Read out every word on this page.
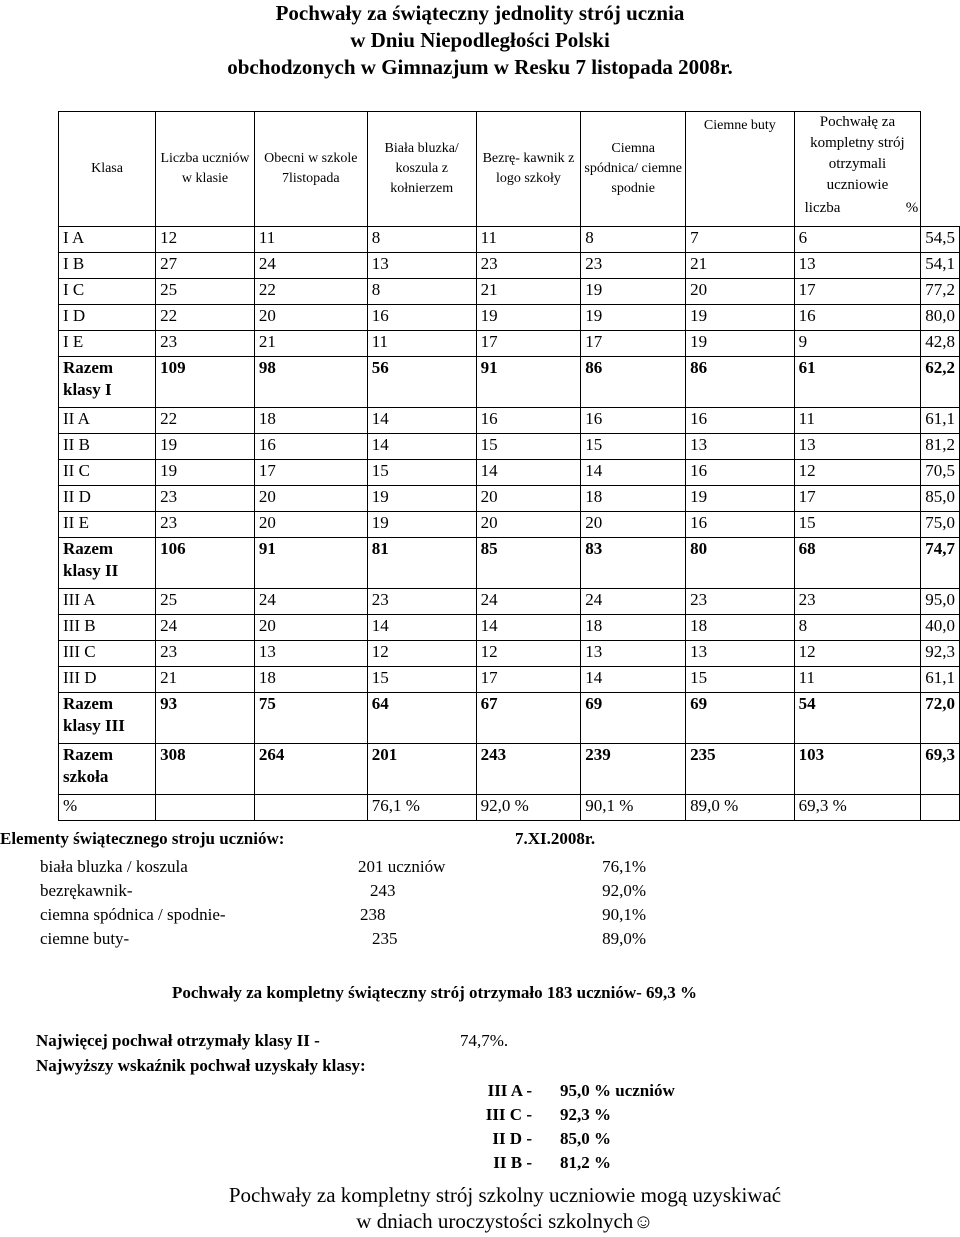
Pochwały za świąteczny jednolity strój ucznia
w Dniu Niepodległości Polski
obchodzonych w Gimnazjum w Resku 7 listopada 2008r.
Klasa	Liczba uczniów w klasie	Obecni w szkole 7listopada	Biała bluzka/ koszula z kołnierzem	Bezrę- kawnik z logo szkoły	Ciemna spódnica/ ciemne spodnie	Ciemne buty	Pochwałę za kompletny strój otrzymali uczniowie
liczba %	

I A	12	11	8	11	8	7	6	54,5
I B	27	24	13	23	23	21	13	54,1
I C	25	22	8	21	19	20	17	77,2
I D	22	20	16	19	19	19	16	80,0
I E	23	21	11	17	17	19	9	42,8
Razem klasy I	109	98	56	91	86	86	61	62,2
II A	22	18	14	16	16	16	11	61,1
II B	19	16	14	15	15	13	13	81,2
II C	19	17	15	14	14	16	12	70,5
II D	23	20	19	20	18	19	17	85,0
II E	23	20	19	20	20	16	15	75,0
Razem klasy II	106	91	81	85	83	80	68	74,7
III A	25	24	23	24	24	23	23	95,0
III B	24	20	14	14	18	18	8	40,0
III C	23	13	12	12	13	13	12	92,3
III D	21	18	15	17	14	15	11	61,1
Razem klasy III	93	75	64	67	69	69	54	72,0
Razem szkoła	308	264	201	243	239	235	103	69,3
%			76,1 %	92,0 %	90,1 %	89,0 %	69,3 %	
Elementy świątecznego stroju uczniów:	7.XI.2008r.
biała bluzka / koszula	201 uczniów	76,1%
bezrękawnik-	243	92,0%
ciemna spódnica / spodnie-	238	90,1%
ciemne buty-	235	89,0%
Pochwały za kompletny świąteczny strój otrzymało 183 uczniów- 69,3 %
Najwięcej pochwał otrzymały klasy II -	74,7%.
Najwyższy wskaźnik pochwał uzyskały klasy:
III A - 95,0 % uczniów
III C - 92,3 %
II D - 85,0 %
II B - 81,2 %
Pochwały za kompletny strój szkolny uczniowie mogą uzyskiwać
w dniach uroczystości szkolnych☺
